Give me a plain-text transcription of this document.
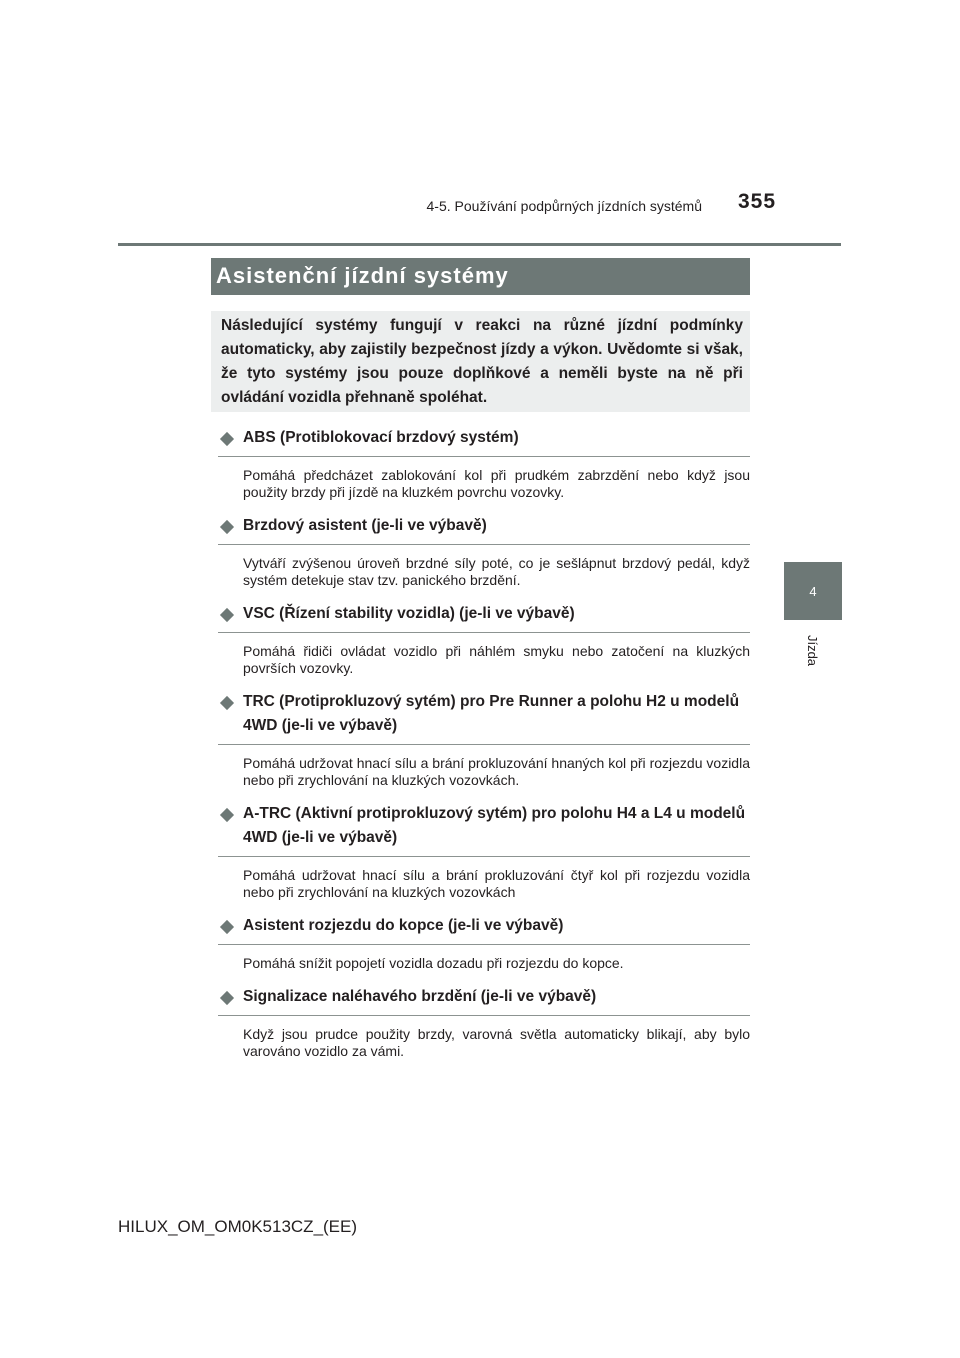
4-5. Používání podpůrných jízdních systémů 355
4
Jízda
Asistenční jízdní systémy
Následující systémy fungují v reakci na různé jízdní podmínky automaticky, aby zajistily bezpečnost jízdy a výkon. Uvědomte si však, že tyto systémy jsou pouze doplňkové a neměli byste na ně při ovládání vozidla přehnaně spoléhat.
ABS (Protiblokovací brzdový systém)
Pomáhá předcházet zablokování kol při prudkém zabrzdění nebo když jsou použity brzdy při jízdě na kluzkém povrchu vozovky.
Brzdový asistent (je-li ve výbavě)
Vytváří zvýšenou úroveň brzdné síly poté, co je sešlápnut brzdový pedál, když systém detekuje stav tzv. panického brzdění.
VSC (Řízení stability vozidla) (je-li ve výbavě)
Pomáhá řidiči ovládat vozidlo při náhlém smyku nebo zatočení na kluzkých površích vozovky.
TRC (Protiprokluzový sytém) pro Pre Runner a polohu H2 u modelů 4WD (je-li ve výbavě)
Pomáhá udržovat hnací sílu a brání prokluzování hnaných kol při rozjezdu vozidla nebo při zrychlování na kluzkých vozovkách.
A-TRC (Aktivní protiprokluzový sytém) pro polohu H4 a L4 u modelů 4WD (je-li ve výbavě)
Pomáhá udržovat hnací sílu a brání prokluzování čtyř kol při rozjezdu vozidla nebo při zrychlování na kluzkých vozovkách
Asistent rozjezdu do kopce (je-li ve výbavě)
Pomáhá snížit popojetí vozidla dozadu při rozjezdu do kopce.
Signalizace naléhavého brzdění (je-li ve výbavě)
Když jsou prudce použity brzdy, varovná světla automaticky blikají, aby bylo varováno vozidlo za vámi.
HILUX_OM_OM0K513CZ_(EE)
